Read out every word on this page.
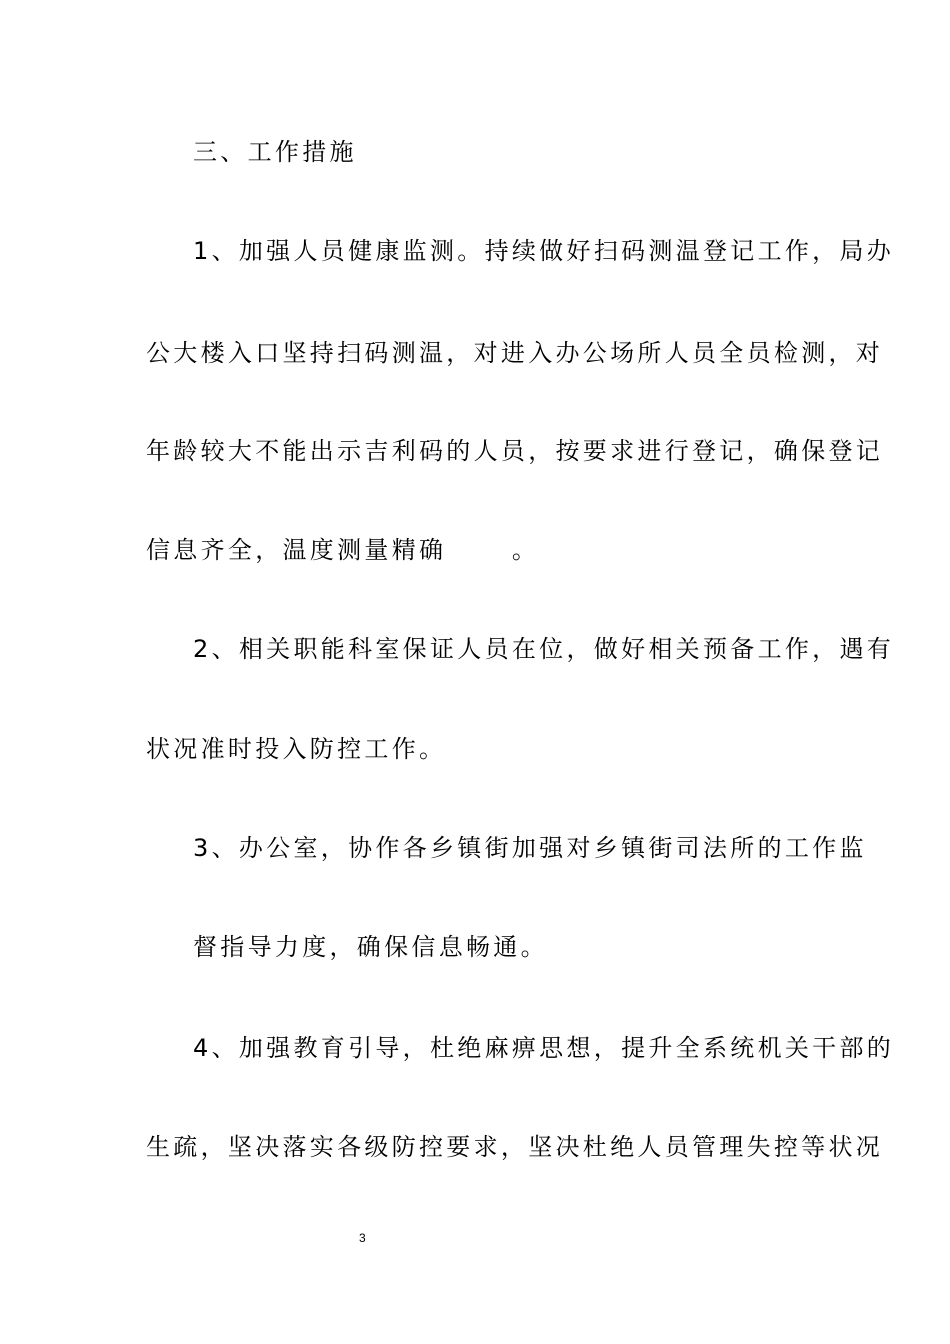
三、工作措施

1、加强人员健康监测。持续做好扫码测温登记工作，局办

公大楼入口坚持扫码测温，对进入办公场所人员全员检测，对

年龄较大不能出示吉利码的人员，按要求进行登记，确保登记

信息齐全，温度测量精确　　 。

2、相关职能科室保证人员在位，做好相关预备工作，遇有

状况准时投入防控工作。

3、办公室，协作各乡镇街加强对乡镇街司法所的工作监

督指导力度，确保信息畅通。

4、加强教育引导，杜绝麻痹思想，提升全系统机关干部的

生疏，坚决落实各级防控要求，坚决杜绝人员管理失控等状况

3
